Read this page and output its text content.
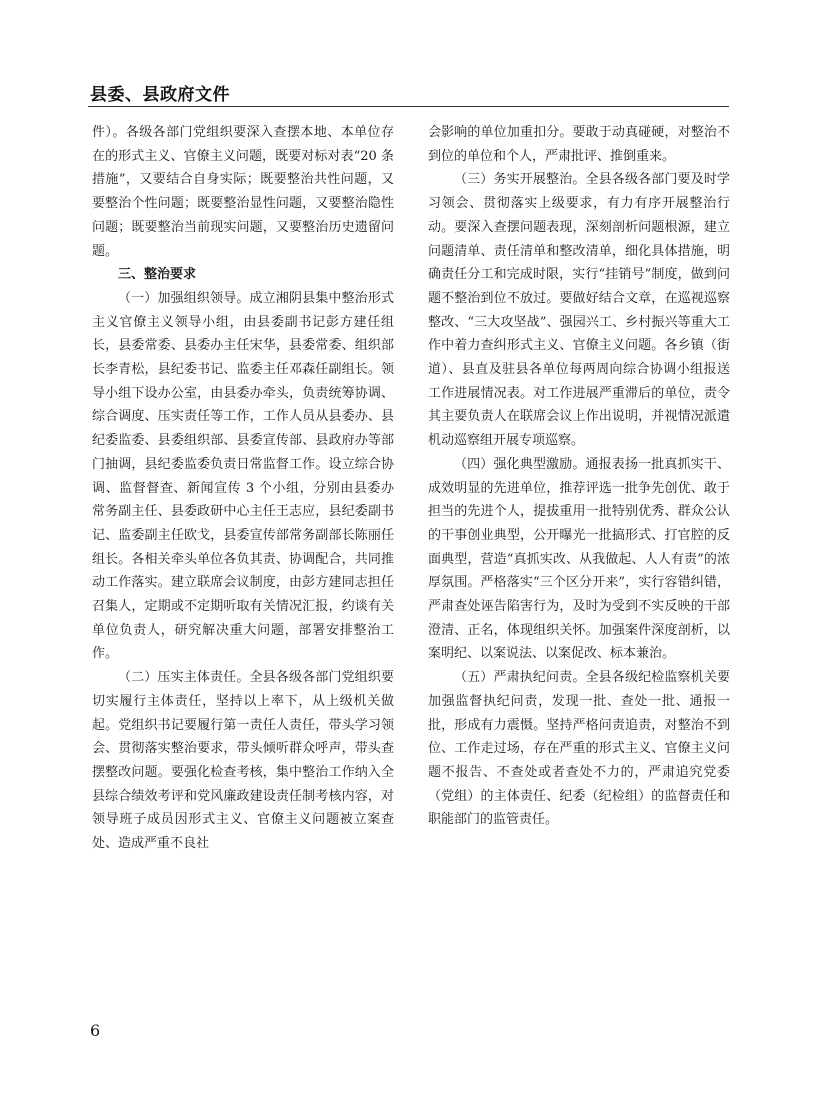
县委、县政府文件

件）。各级各部门党组织要深入查摆本地、本单位存在的形式主义、官僚主义问题，既要对标对表“20 条措施”，又要结合自身实际；既要整治共性问题，又要整治个性问题；既要整治显性问题，又要整治隐性问题；既要整治当前现实问题，又要整治历史遗留问题。

三、整治要求

（一）加强组织领导。成立湘阴县集中整治形式主义官僚主义领导小组，由县委副书记彭方建任组长，县委常委、县委办主任宋华，县委常委、组织部长李青松，县纪委书记、监委主任邓森任副组长。领导小组下设办公室，由县委办牵头，负责统筹协调、综合调度、压实责任等工作，工作人员从县委办、县纪委监委、县委组织部、县委宣传部、县政府办等部门抽调，县纪委监委负责日常监督工作。设立综合协调、监督督查、新闻宣传 3 个小组，分别由县委办常务副主任、县委政研中心主任王志应，县纪委副书记、监委副主任欧戈，县委宣传部常务副部长陈丽任组长。各相关牵头单位各负其责、协调配合，共同推动工作落实。建立联席会议制度，由彭方建同志担任召集人，定期或不定期听取有关情况汇报，约谈有关单位负责人，研究解决重大问题，部署安排整治工作。

（二）压实主体责任。全县各级各部门党组织要切实履行主体责任，坚持以上率下，从上级机关做起。党组织书记要履行第一责任人责任，带头学习领会、贯彻落实整治要求，带头倾听群众呼声，带头查摆整改问题。要强化检查考核，集中整治工作纳入全县综合绩效考评和党风廉政建设责任制考核内容，对领导班子成员因形式主义、官僚主义问题被立案查处、造成严重不良社

会影响的单位加重扣分。要敢于动真碰硬，对整治不到位的单位和个人，严肃批评、推倒重来。

（三）务实开展整治。全县各级各部门要及时学习领会、贯彻落实上级要求，有力有序开展整治行动。要深入查摆问题表现，深刻剖析问题根源，建立问题清单、责任清单和整改清单，细化具体措施，明确责任分工和完成时限，实行“挂销号”制度，做到问题不整治到位不放过。要做好结合文章，在巡视巡察整改、“三大攻坚战”、强园兴工、乡村振兴等重大工作中着力查纠形式主义、官僚主义问题。各乡镇（街道）、县直及驻县各单位每两周向综合协调小组报送工作进展情况表。对工作进展严重滞后的单位，责令其主要负责人在联席会议上作出说明，并视情况派遣机动巡察组开展专项巡察。

（四）强化典型激励。通报表扬一批真抓实干、成效明显的先进单位，推荐评选一批争先创优、敢于担当的先进个人，提拔重用一批特别优秀、群众公认的干事创业典型，公开曝光一批搞形式、打官腔的反面典型，营造“真抓实改、从我做起、人人有责”的浓厚氛围。严格落实“三个区分开来”，实行容错纠错，严肃查处诬告陷害行为，及时为受到不实反映的干部澄清、正名，体现组织关怀。加强案件深度剖析，以案明纪、以案说法、以案促改、标本兼治。

（五）严肃执纪问责。全县各级纪检监察机关要加强监督执纪问责，发现一批、查处一批、通报一批，形成有力震慑。坚持严格问责追责，对整治不到位、工作走过场，存在严重的形式主义、官僚主义问题不报告、不查处或者查处不力的，严肃追究党委（党组）的主体责任、纪委（纪检组）的监督责任和职能部门的监管责任。

6
